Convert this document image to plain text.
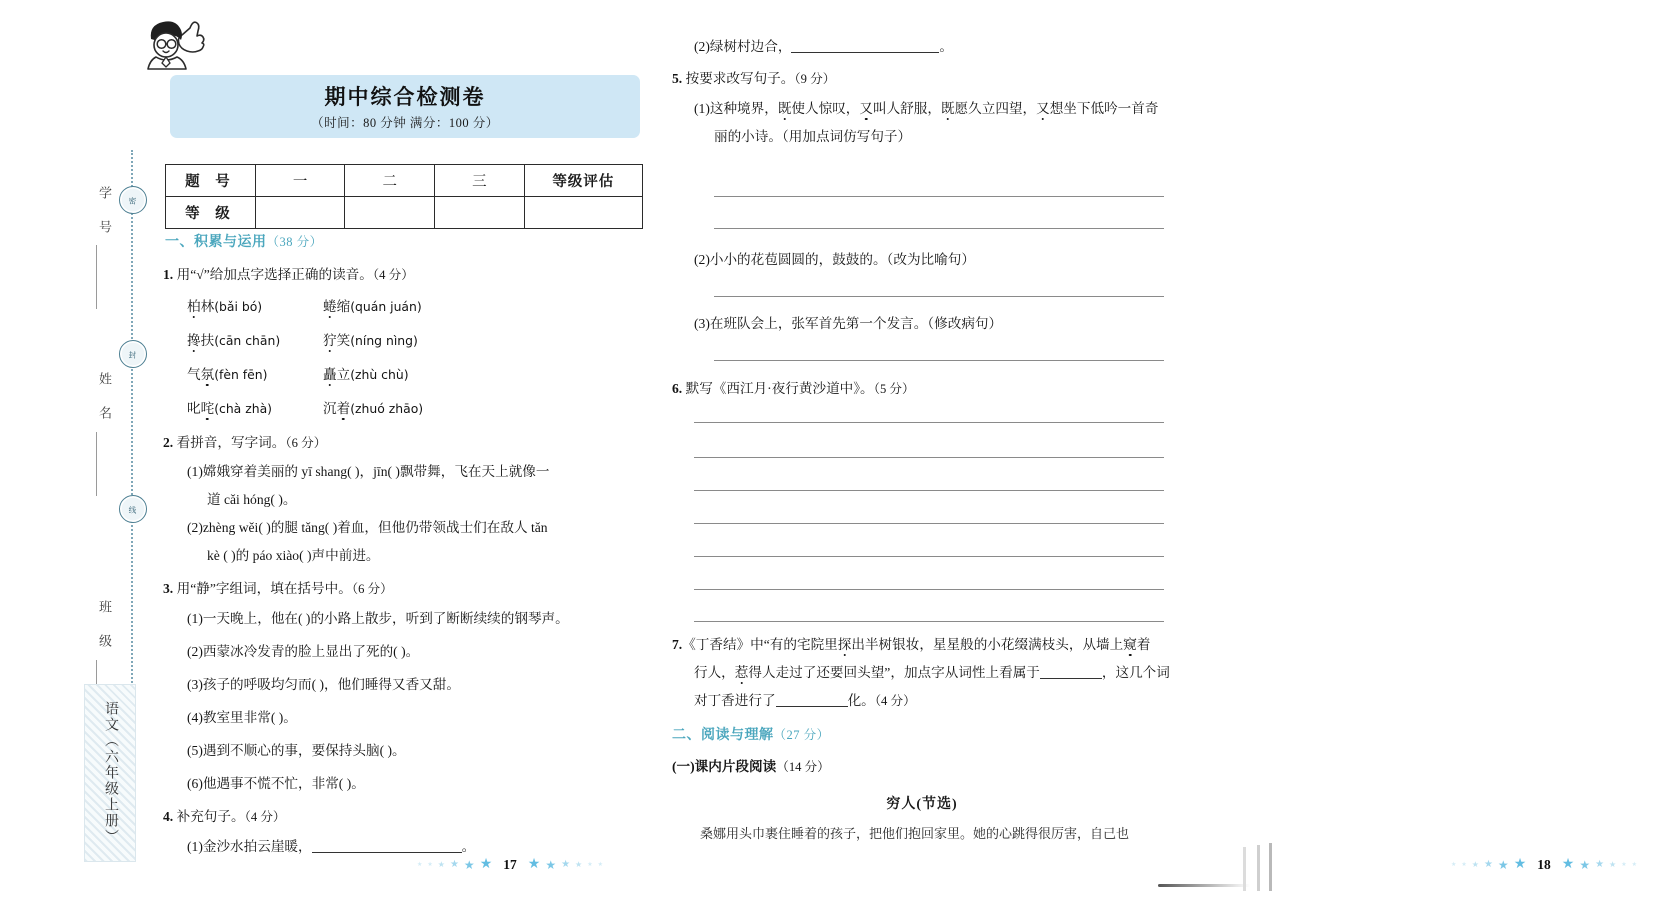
密
封
线
学 号
姓 名
班 级
语文（六年级上册）
期中综合检测卷
（时间：80 分钟 满分：100 分）
题 号	一	二	三	等级评估
等 级				
一、积累与运用（38 分）
1. 用“√”给加点字选择正确的读音。（4 分）
柏林(bǎi bó)	蜷缩(quán juán)
搀扶(cān chān)	狞笑(níng nìng)
气氛(fèn fēn)	矗立(zhù chù)
叱咤(chà zhà)	沉着(zhuó zhāo)
2. 看拼音，写字词。（6 分）
(1)嫦娥穿着美丽的 yī shang( )，jīn( )飘带舞，飞在天上就像一
道 cǎi hóng( )。
(2)zhèng wěi( )的腿 tǎng( )着血，但他仍带领战士们在敌人 tǎn
kè ( )的 páo xiào( )声中前进。
3. 用“静”字组词，填在括号中。（6 分）
(1)一天晚上，他在( )的小路上散步，听到了断断续续的钢琴声。
(2)西蒙冰冷发青的脸上显出了死的( )。
(3)孩子的呼吸均匀而( )，他们睡得又香又甜。
(4)教室里非常( )。
(5)遇到不顺心的事，要保持头脑( )。
(6)他遇事不慌不忙，非常( )。
4. 补充句子。（4 分）
(1)金沙水拍云崖暖，	。
★ ★ ★ ★ ★ ★ 17 ★ ★ ★ ★ ★ ★
(2)绿树村边合，	。
5. 按要求改写句子。（9 分）
(1)这种境界，既使人惊叹，又叫人舒服，既愿久立四望，又想坐下低吟一首奇
丽的小诗。（用加点词仿写句子）
(2)小小的花苞圆圆的，鼓鼓的。（改为比喻句）
(3)在班队会上，张军首先第一个发言。（修改病句）
6. 默写《西江月·夜行黄沙道中》。（5 分）
7.《丁香结》中“有的宅院里探出半树银妆，星星般的小花缀满枝头，从墙上窥着
行人，惹得人走过了还要回头望”，加点字从词性上看属于	，这几个词
对丁香进行了	化。（4 分）
二、阅读与理解（27 分）
(一)课内片段阅读（14 分）
穷人(节选)
桑娜用头巾裹住睡着的孩子，把他们抱回家里。她的心跳得很厉害，自己也
★ ★ ★ ★ ★ ★ 18 ★ ★ ★ ★ ★ ★
